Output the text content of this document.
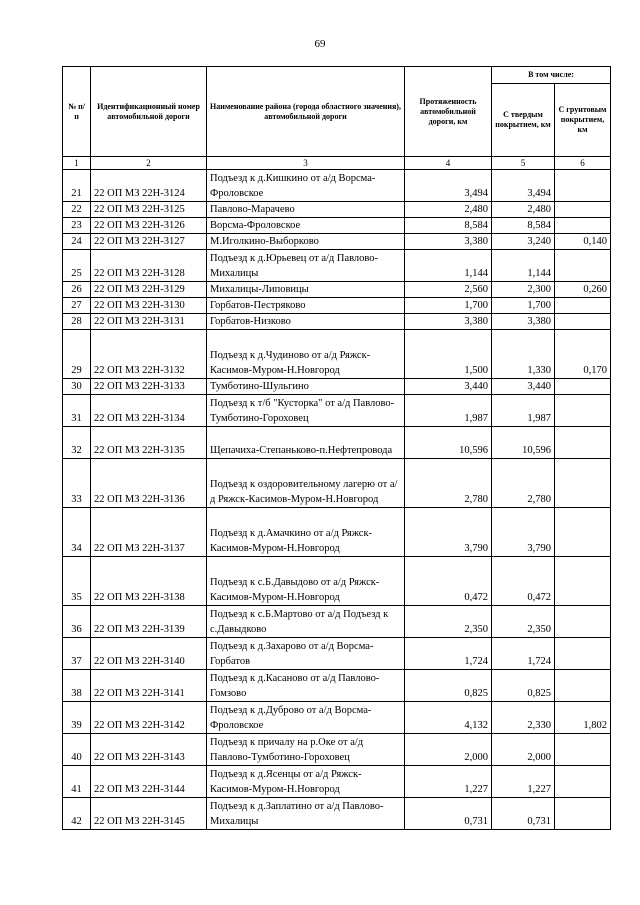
69
№ п/п	Идентификационный номер автомобильной дороги	Наименование района (города областного значения), автомобильной дороги	Протяженность автомобильной дороги, км	В том числе:	
				С твердым покрытием, км	С грунтовым покрытием, км
1	2	3	4	5	6
21	22 ОП МЗ 22Н-3124	Подъезд к д.Кишкино от а/д Ворсма-Фроловское	3,494	3,494	
22	22 ОП МЗ 22Н-3125	Павлово-Марачево	2,480	2,480	
23	22 ОП МЗ 22Н-3126	Ворсма-Фроловское	8,584	8,584	
24	22 ОП МЗ 22Н-3127	М.Иголкино-Выборково	3,380	3,240	0,140
25	22 ОП МЗ 22Н-3128	Подъезд к д.Юрьевец от а/д Павлово-Михалицы	1,144	1,144	
26	22 ОП МЗ 22Н-3129	Михалицы-Липовицы	2,560	2,300	0,260
27	22 ОП МЗ 22Н-3130	Горбатов-Пестряково	1,700	1,700	
28	22 ОП МЗ 22Н-3131	Горбатов-Низково	3,380	3,380	
29	22 ОП МЗ 22Н-3132	Подъезд к д.Чудиново от а/д Ряжск-Касимов-Муром-Н.Новгород	1,500	1,330	0,170
30	22 ОП МЗ 22Н-3133	Тумботино-Шульгино	3,440	3,440	
31	22 ОП МЗ 22Н-3134	Подъезд к т/б "Кусторка" от а/д Павлово-Тумботино-Гороховец	1,987	1,987	
32	22 ОП МЗ 22Н-3135	Щепачиха-Степаньково-п.Нефтепровода	10,596	10,596	
33	22 ОП МЗ 22Н-3136	Подъезд к оздоровительному лагерю от а/д Ряжск-Касимов-Муром-Н.Новгород	2,780	2,780	
34	22 ОП МЗ 22Н-3137	Подъезд к д.Амачкино от а/д Ряжск-Касимов-Муром-Н.Новгород	3,790	3,790	
35	22 ОП МЗ 22Н-3138	Подъезд к с.Б.Давыдово от а/д Ряжск-Касимов-Муром-Н.Новгород	0,472	0,472	
36	22 ОП МЗ 22Н-3139	Подъезд к с.Б.Мартово от а/д Подъезд к с.Давыдково	2,350	2,350	
37	22 ОП МЗ 22Н-3140	Подъезд к д.Захарово от а/д Ворсма-Горбатов	1,724	1,724	
38	22 ОП МЗ 22Н-3141	Подъезд к д.Касаново от а/д Павлово-Гомзово	0,825	0,825	
39	22 ОП МЗ 22Н-3142	Подъезд к д.Дуброво от а/д Ворсма-Фроловское	4,132	2,330	1,802
40	22 ОП МЗ 22Н-3143	Подъезд к причалу на р.Оке от а/д Павлово-Тумботино-Гороховец	2,000	2,000	
41	22 ОП МЗ 22Н-3144	Подъезд к д.Ясенцы от а/д Ряжск-Касимов-Муром-Н.Новгород	1,227	1,227	
42	22 ОП МЗ 22Н-3145	Подъезд к д.Заплатино от а/д Павлово-Михалицы	0,731	0,731	
